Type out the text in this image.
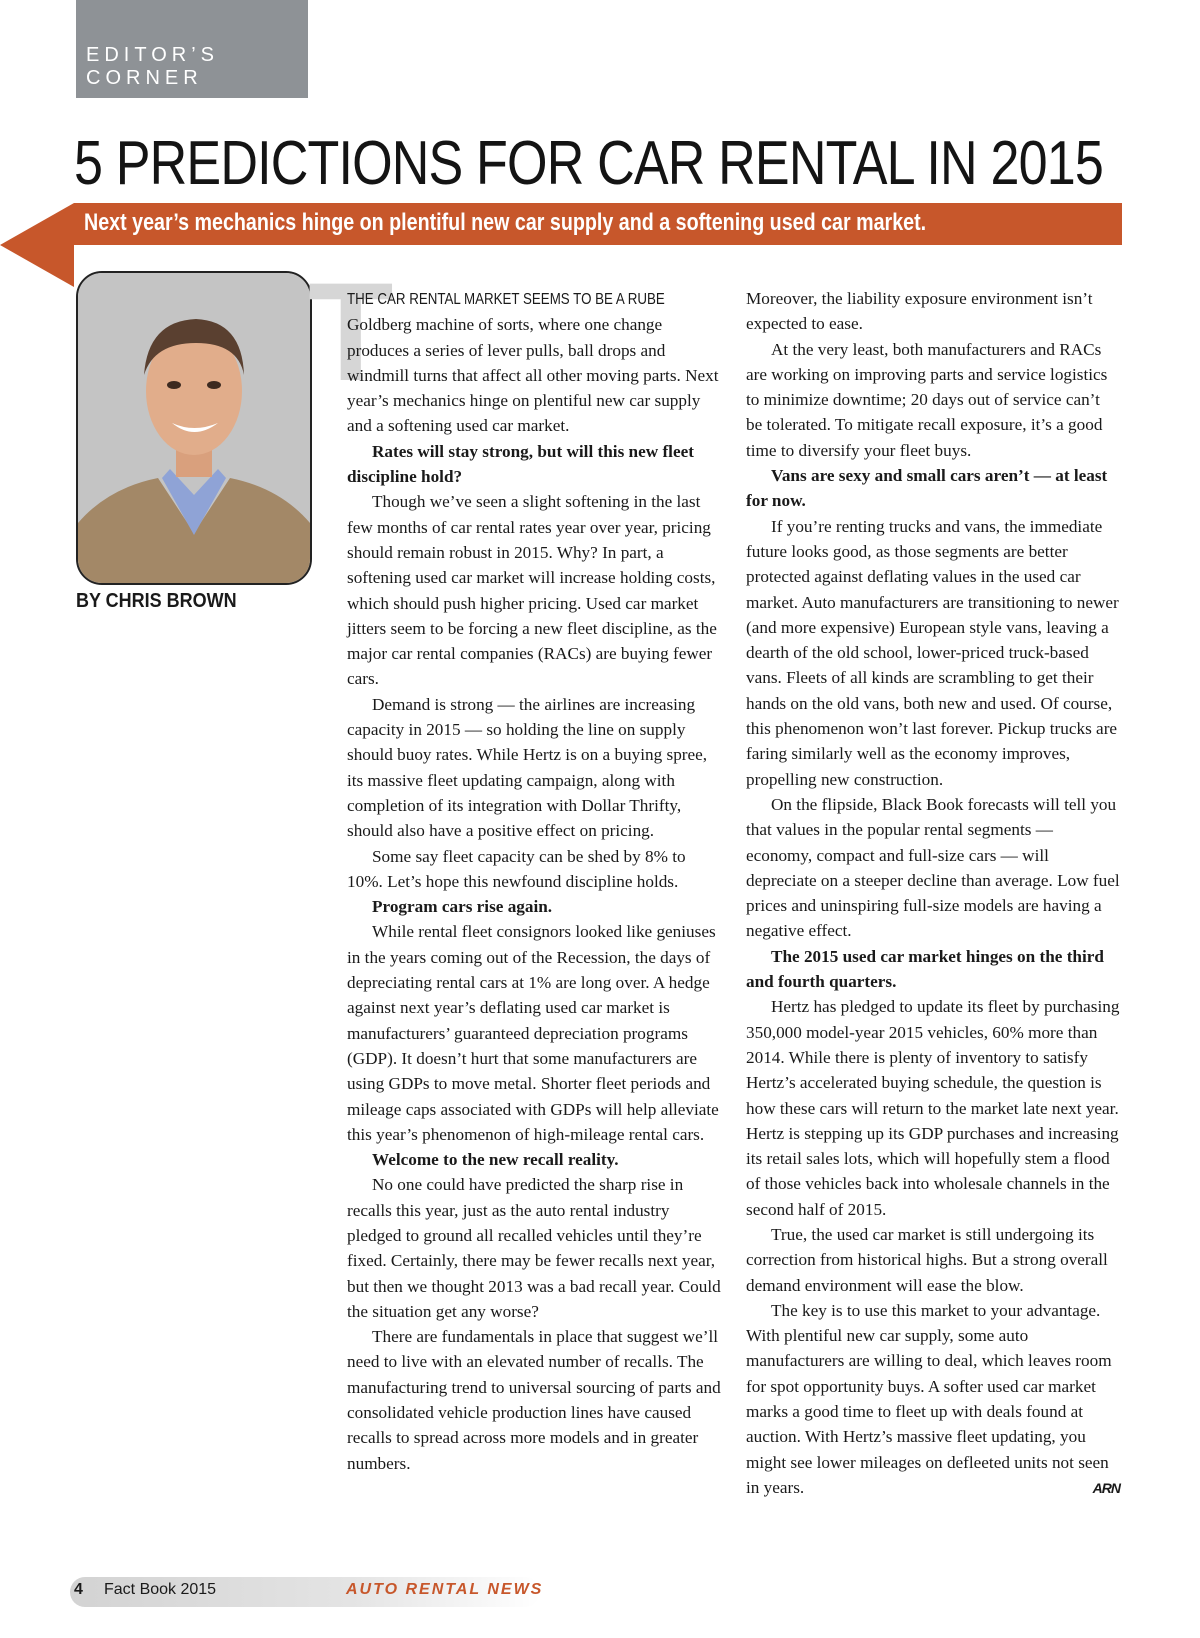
EDITOR’S CORNER
5 PREDICTIONS FOR CAR RENTAL IN 2015

Next year’s mechanics hinge on plentiful new car supply and a softening used car market.

BY CHRIS BROWN

T

THE CAR RENTAL MARKET SEEMS TO BE A RUBE Goldberg machine of sorts, where one change produces a series of lever pulls, ball drops and windmill turns that affect all other moving parts. Next year’s mechanics hinge on plentiful new car supply and a softening used car market.

Rates will stay strong, but will this new fleet discipline hold?

Though we’ve seen a slight softening in the last few months of car rental rates year over year, pricing should remain robust in 2015. Why? In part, a softening used car market will increase holding costs, which should push higher pricing. Used car market jitters seem to be forcing a new fleet discipline, as the major car rental companies (RACs) are buying fewer cars.

Demand is strong — the airlines are increasing capacity in 2015 — so holding the line on supply should buoy rates. While Hertz is on a buying spree, its massive fleet updating campaign, along with completion of its integration with Dollar Thrifty, should also have a positive effect on pricing.

Some say fleet capacity can be shed by 8% to 10%. Let’s hope this newfound discipline holds.

Program cars rise again.

While rental fleet consignors looked like geniuses in the years coming out of the Recession, the days of depreciating rental cars at 1% are long over. A hedge against next year’s deflating used car market is manufacturers’ guaranteed depreciation programs (GDP). It doesn’t hurt that some manufacturers are using GDPs to move metal. Shorter fleet periods and mileage caps associated with GDPs will help alleviate this year’s phenomenon of high-mileage rental cars.

Welcome to the new recall reality.

No one could have predicted the sharp rise in recalls this year, just as the auto rental industry pledged to ground all recalled vehicles until they’re fixed. Certainly, there may be fewer recalls next year, but then we thought 2013 was a bad recall year. Could the situation get any worse?

There are fundamentals in place that suggest we’ll need to live with an elevated number of recalls. The manufacturing trend to universal sourcing of parts and consolidated vehicle production lines have caused recalls to spread across more models and in greater numbers.

Moreover, the liability exposure environment isn’t expected to ease.

At the very least, both manufacturers and RACs are working on improving parts and service logistics to minimize downtime; 20 days out of service can’t be tolerated. To mitigate recall exposure, it’s a good time to diversify your fleet buys.

Vans are sexy and small cars aren’t — at least for now.

If you’re renting trucks and vans, the immediate future looks good, as those segments are better protected against deflating values in the used car market. Auto manufacturers are transitioning to newer (and more expensive) European style vans, leaving a dearth of the old school, lower-priced truck-based vans. Fleets of all kinds are scrambling to get their hands on the old vans, both new and used. Of course, this phenomenon won’t last forever. Pickup trucks are faring similarly well as the economy improves, propelling new construction.

On the flipside, Black Book forecasts will tell you that values in the popular rental segments — economy, compact and full-size cars — will depreciate on a steeper decline than average. Low fuel prices and uninspiring full-size models are having a negative effect.

The 2015 used car market hinges on the third and fourth quarters.

Hertz has pledged to update its fleet by purchasing 350,000 model-year 2015 vehicles, 60% more than 2014. While there is plenty of inventory to satisfy Hertz’s accelerated buying schedule, the question is how these cars will return to the market late next year. Hertz is stepping up its GDP purchases and increasing its retail sales lots, which will hopefully stem a flood of those vehicles back into wholesale channels in the second half of 2015.

True, the used car market is still undergoing its correction from historical highs. But a strong overall demand environment will ease the blow.

The key is to use this market to your advantage. With plentiful new car supply, some auto manufacturers are willing to deal, which leaves room for spot opportunity buys. A softer used car market marks a good time to fleet up with deals found at auction. With Hertz’s massive fleet updating, you might see lower mileages on defleeted units not seen in years.	ARN

4 Fact Book 2015	AUTO RENTAL NEWS
